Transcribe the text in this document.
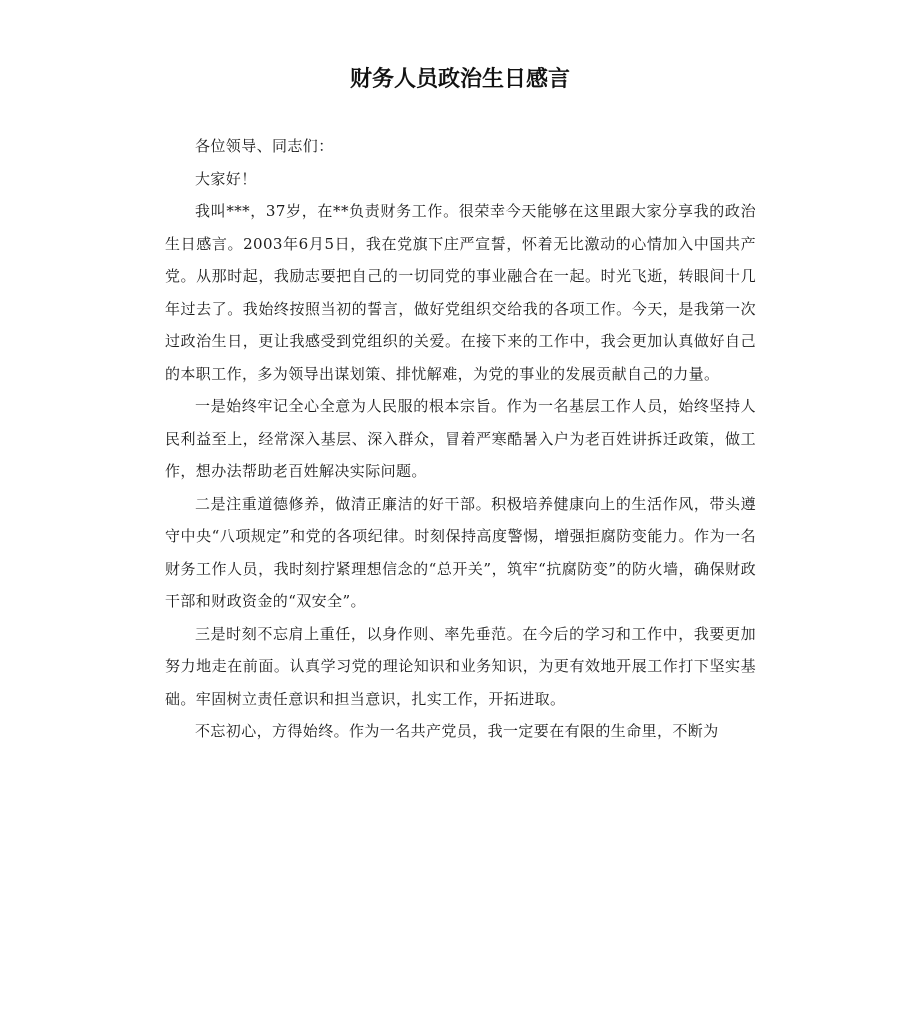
财务人员政治生日感言

各位领导、同志们：

大家好！

我叫***，37岁，在**负责财务工作。很荣幸今天能够在这里跟大家分享我的政治生日感言。2003年6月5日，我在党旗下庄严宣誓，怀着无比激动的心情加入中国共产党。从那时起，我励志要把自己的一切同党的事业融合在一起。时光飞逝，转眼间十几年过去了。我始终按照当初的誓言，做好党组织交给我的各项工作。今天，是我第一次过政治生日，更让我感受到党组织的关爱。在接下来的工作中，我会更加认真做好自己的本职工作，多为领导出谋划策、排忧解难，为党的事业的发展贡献自己的力量。

一是始终牢记全心全意为人民服的根本宗旨。作为一名基层工作人员，始终坚持人民利益至上，经常深入基层、深入群众，冒着严寒酷暑入户为老百姓讲拆迁政策，做工作，想办法帮助老百姓解决实际问题。

二是注重道德修养，做清正廉洁的好干部。积极培养健康向上的生活作风，带头遵守中央“八项规定”和党的各项纪律。时刻保持高度警惕，增强拒腐防变能力。作为一名财务工作人员，我时刻拧紧理想信念的“总开关”，筑牢“抗腐防变”的防火墙，确保财政干部和财政资金的“双安全”。

三是时刻不忘肩上重任，以身作则、率先垂范。在今后的学习和工作中，我要更加努力地走在前面。认真学习党的理论知识和业务知识，为更有效地开展工作打下坚实基础。牢固树立责任意识和担当意识，扎实工作，开拓进取。

不忘初心，方得始终。作为一名共产党员，我一定要在有限的生命里，不断为
